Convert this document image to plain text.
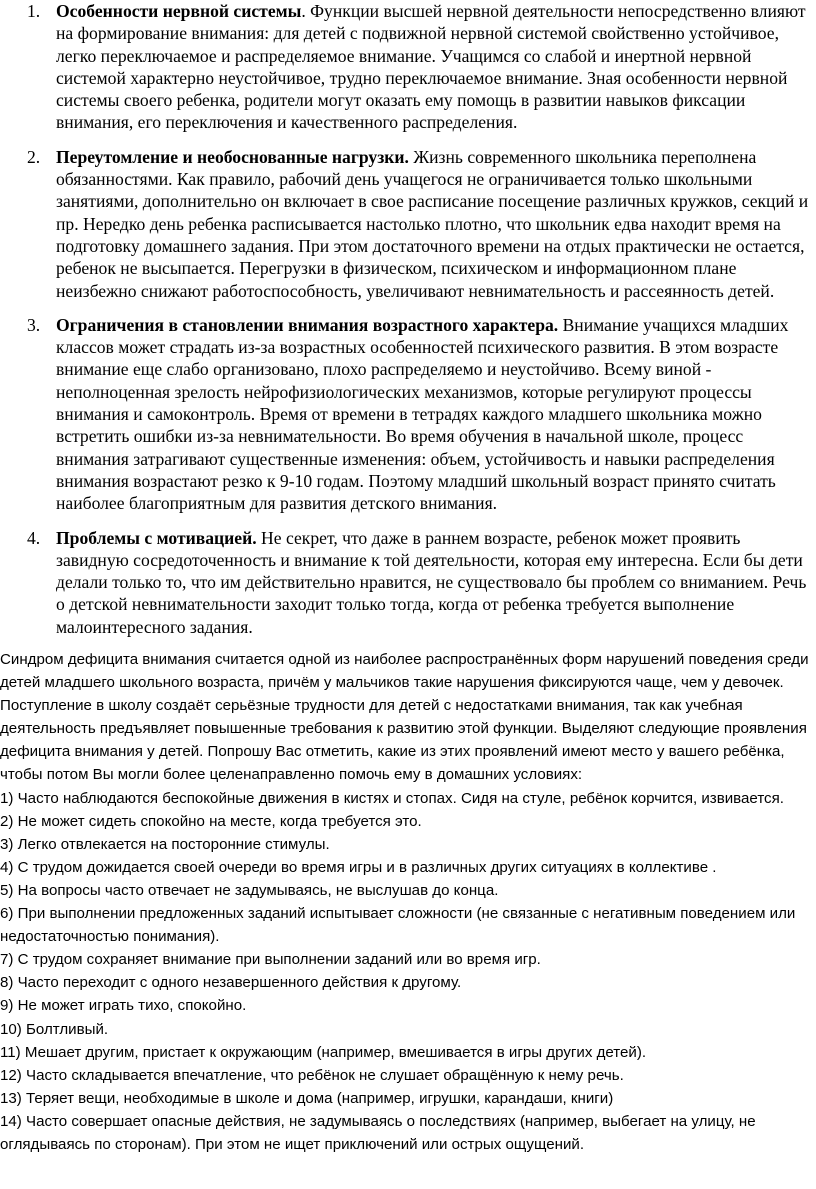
1. Особенности нервной системы. Функции высшей нервной деятельности непосредственно влияют на формирование внимания: для детей с подвижной нервной системой свойственно устойчивое, легко переключаемое и распределяемое внимание. Учащимся со слабой и инертной нервной системой характерно неустойчивое, трудно переключаемое внимание. Зная особенности нервной системы своего ребенка, родители могут оказать ему помощь в развитии навыков фиксации внимания, его переключения и качественного распределения.
2. Переутомление и необоснованные нагрузки. Жизнь современного школьника переполнена обязанностями. Как правило, рабочий день учащегося не ограничивается только школьными занятиями, дополнительно он включает в свое расписание посещение различных кружков, секций и пр. Нередко день ребенка расписывается настолько плотно, что школьник едва находит время на подготовку домашнего задания. При этом достаточного времени на отдых практически не остается, ребенок не высыпается. Перегрузки в физическом, психическом и информационном плане неизбежно снижают работоспособность, увеличивают невнимательность и рассеянность детей.
3. Ограничения в становлении внимания возрастного характера. Внимание учащихся младших классов может страдать из-за возрастных особенностей психического развития. В этом возрасте внимание еще слабо организовано, плохо распределяемо и неустойчиво. Всему виной - неполноценная зрелость нейрофизиологических механизмов, которые регулируют процессы внимания и самоконтроль. Время от времени в тетрадях каждого младшего школьника можно встретить ошибки из-за невнимательности. Во время обучения в начальной школе, процесс внимания затрагивают существенные изменения: объем, устойчивость и навыки распределения внимания возрастают резко к 9-10 годам. Поэтому младший школьный возраст принято считать наиболее благоприятным для развития детского внимания.
4. Проблемы с мотивацией. Не секрет, что даже в раннем возрасте, ребенок может проявить завидную сосредоточенность и внимание к той деятельности, которая ему интересна. Если бы дети делали только то, что им действительно нравится, не существовало бы проблем со вниманием. Речь о детской невнимательности заходит только тогда, когда от ребенка требуется выполнение малоинтересного задания.

Синдром дефицита внимания считается одной из наиболее распространённых форм нарушений поведения среди детей младшего школьного возраста, причём у мальчиков такие нарушения фиксируются чаще, чем у девочек. Поступление в школу создаёт серьёзные трудности для детей с недостатками внимания, так как учебная деятельность предъявляет повышенные требования к развитию этой функции. Выделяют следующие проявления дефицита внимания у детей. Попрошу Вас отметить, какие из этих проявлений имеют место у вашего ребёнка, чтобы потом Вы могли более целенаправленно помочь ему в домашних условиях:

1) Часто наблюдаются беспокойные движения в кистях и стопах. Сидя на стуле, ребёнок корчится, извивается.

2) Не может сидеть спокойно на месте, когда требуется это.

3) Легко отвлекается на посторонние стимулы.

4) С трудом дожидается своей очереди во время игры и в различных других ситуациях в коллективе .

5) На вопросы часто отвечает не задумываясь, не выслушав до конца.

6) При выполнении предложенных заданий испытывает сложности (не связанные с негативным поведением или недостаточностью понимания).

7) С трудом сохраняет внимание при выполнении заданий или во время игр.

8) Часто переходит с одного незавершенного действия к другому.

9) Не может играть тихо, спокойно.

10) Болтливый.

11) Мешает другим, пристает к окружающим (например, вмешивается в игры других детей).

12) Часто складывается впечатление, что ребёнок не слушает обращённую к нему речь.

13) Теряет вещи, необходимые в школе и дома (например, игрушки, карандаши, книги)

14) Часто совершает опасные действия, не задумываясь о последствиях (например, выбегает на улицу, не оглядываясь по сторонам). При этом не ищет приключений или острых ощущений.
